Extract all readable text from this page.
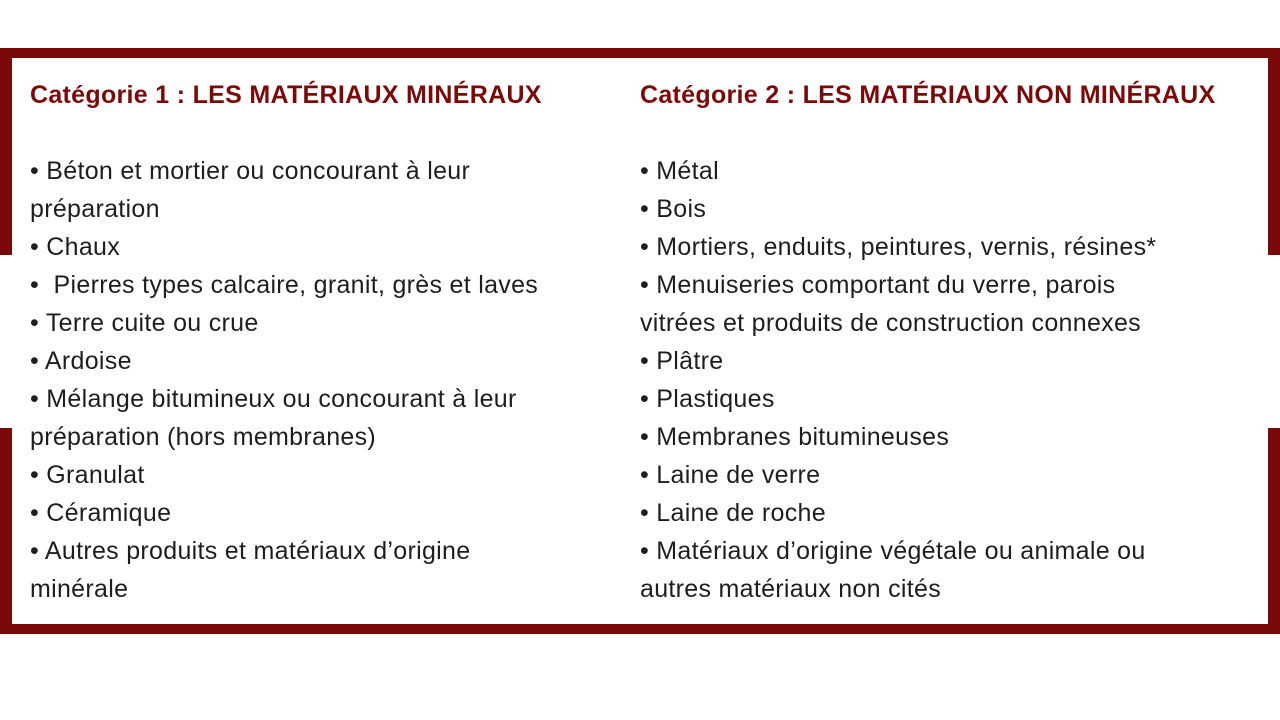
Catégorie 1 : LES MATÉRIAUX MINÉRAUX
• Béton et mortier ou concourant à leur
préparation
• Chaux
•  Pierres types calcaire, granit, grès et laves
• Terre cuite ou crue
• Ardoise
• Mélange bitumineux ou concourant à leur
préparation (hors membranes)
• Granulat
• Céramique
• Autres produits et matériaux d’origine
minérale
Catégorie 2 : LES MATÉRIAUX NON MINÉRAUX
• Métal
• Bois
• Mortiers, enduits, peintures, vernis, résines*
• Menuiseries comportant du verre, parois
vitrées et produits de construction connexes
• Plâtre
• Plastiques
• Membranes bitumineuses
• Laine de verre
• Laine de roche
• Matériaux d’origine végétale ou animale ou
autres matériaux non cités
